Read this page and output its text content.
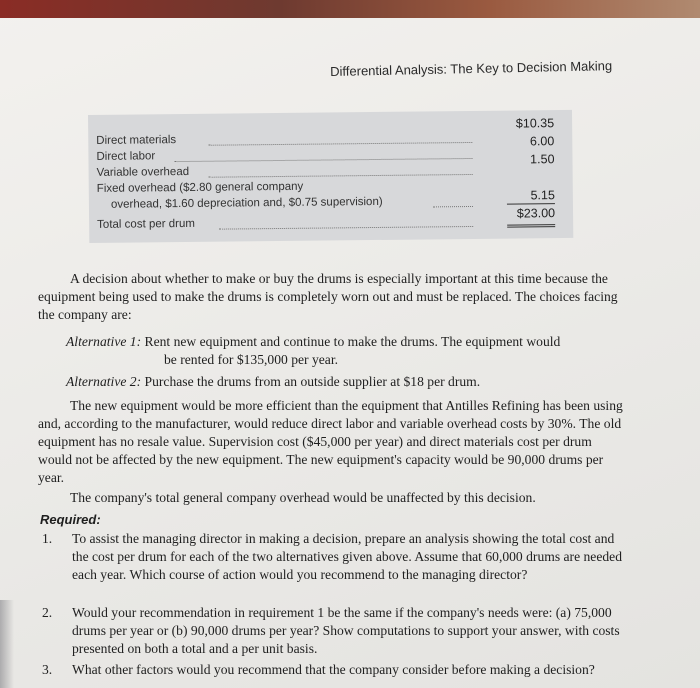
Differential Analysis: The Key to Decision Making
Direct materials
$10.35
Direct labor
6.00
Variable overhead
1.50
Fixed overhead ($2.80 general company
overhead, $1.60 depreciation and, $0.75 supervision)
5.15
Total cost per drum
$23.00

A decision about whether to make or buy the drums is especially important at this time because the equipment being used to make the drums is completely worn out and must be replaced. The choices facing the company are:

Alternative 1: Rent new equipment and continue to make the drums. The equipment would
be rented for $135,000 per year.
Alternative 2: Purchase the drums from an outside supplier at $18 per drum.

The new equipment would be more efficient than the equipment that Antilles Refining has been using and, according to the manufacturer, would reduce direct labor and variable overhead costs by 30%. The old equipment has no resale value. Supervision cost ($45,000 per year) and direct materials cost per drum would not be affected by the new equipment. The new equipment's capacity would be 90,000 drums per year.

The company's total general company overhead would be unaffected by this decision.

Required:
1. To assist the managing director in making a decision, prepare an analysis showing the total cost and the cost per drum for each of the two alternatives given above. Assume that 60,000 drums are needed each year. Which course of action would you recommend to the managing director?
2. Would your recommendation in requirement 1 be the same if the company's needs were: (a) 75,000 drums per year or (b) 90,000 drums per year? Show computations to support your answer, with costs presented on both a total and a per unit basis.
3. What other factors would you recommend that the company consider before making a decision?
